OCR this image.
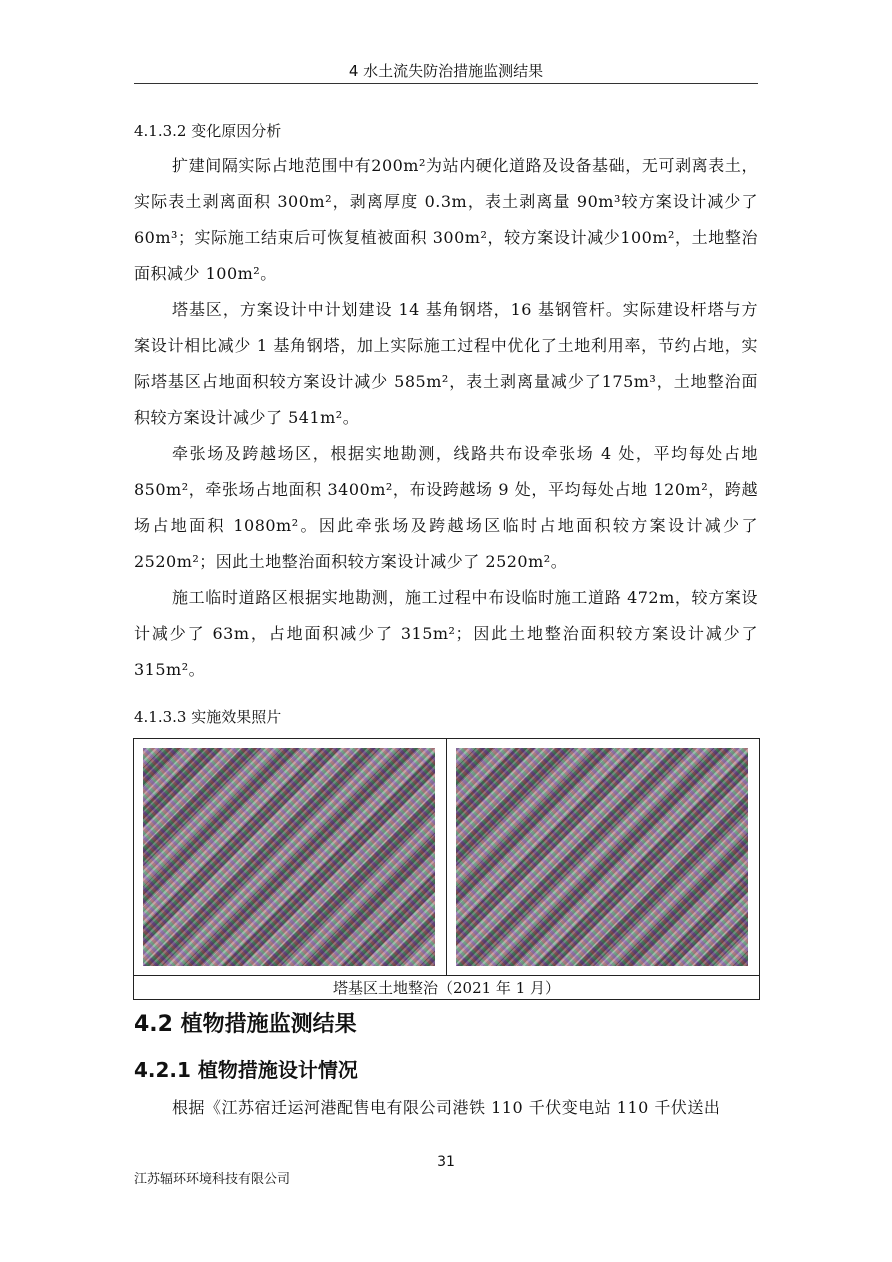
4 水土流失防治措施监测结果
4.1.3.2 变化原因分析

扩建间隔实际占地范围中有200m²为站内硬化道路及设备基础，无可剥离表土，实际表土剥离面积 300m²，剥离厚度 0.3m，表土剥离量 90m³较方案设计减少了 60m³；实际施工结束后可恢复植被面积 300m²，较方案设计减少100m²，土地整治面积减少 100m²。

塔基区，方案设计中计划建设 14 基角钢塔，16 基钢管杆。实际建设杆塔与方案设计相比减少 1 基角钢塔，加上实际施工过程中优化了土地利用率，节约占地，实际塔基区占地面积较方案设计减少 585m²，表土剥离量减少了175m³，土地整治面积较方案设计减少了 541m²。

牵张场及跨越场区，根据实地勘测，线路共布设牵张场 4 处，平均每处占地 850m²，牵张场占地面积 3400m²，布设跨越场 9 处，平均每处占地 120m²，跨越场占地面积 1080m²。因此牵张场及跨越场区临时占地面积较方案设计减少了 2520m²；因此土地整治面积较方案设计减少了 2520m²。

施工临时道路区根据实地勘测，施工过程中布设临时施工道路 472m，较方案设计减少了 63m，占地面积减少了 315m²；因此土地整治面积较方案设计减少了 315m²。

4.1.3.3 实施效果照片
塔基区土地整治（2021 年 1 月）
4.2 植物措施监测结果
4.2.1 植物措施设计情况

根据《江苏宿迁运河港配售电有限公司港铁 110 千伏变电站 110 千伏送出

31
江苏辐环环境科技有限公司
